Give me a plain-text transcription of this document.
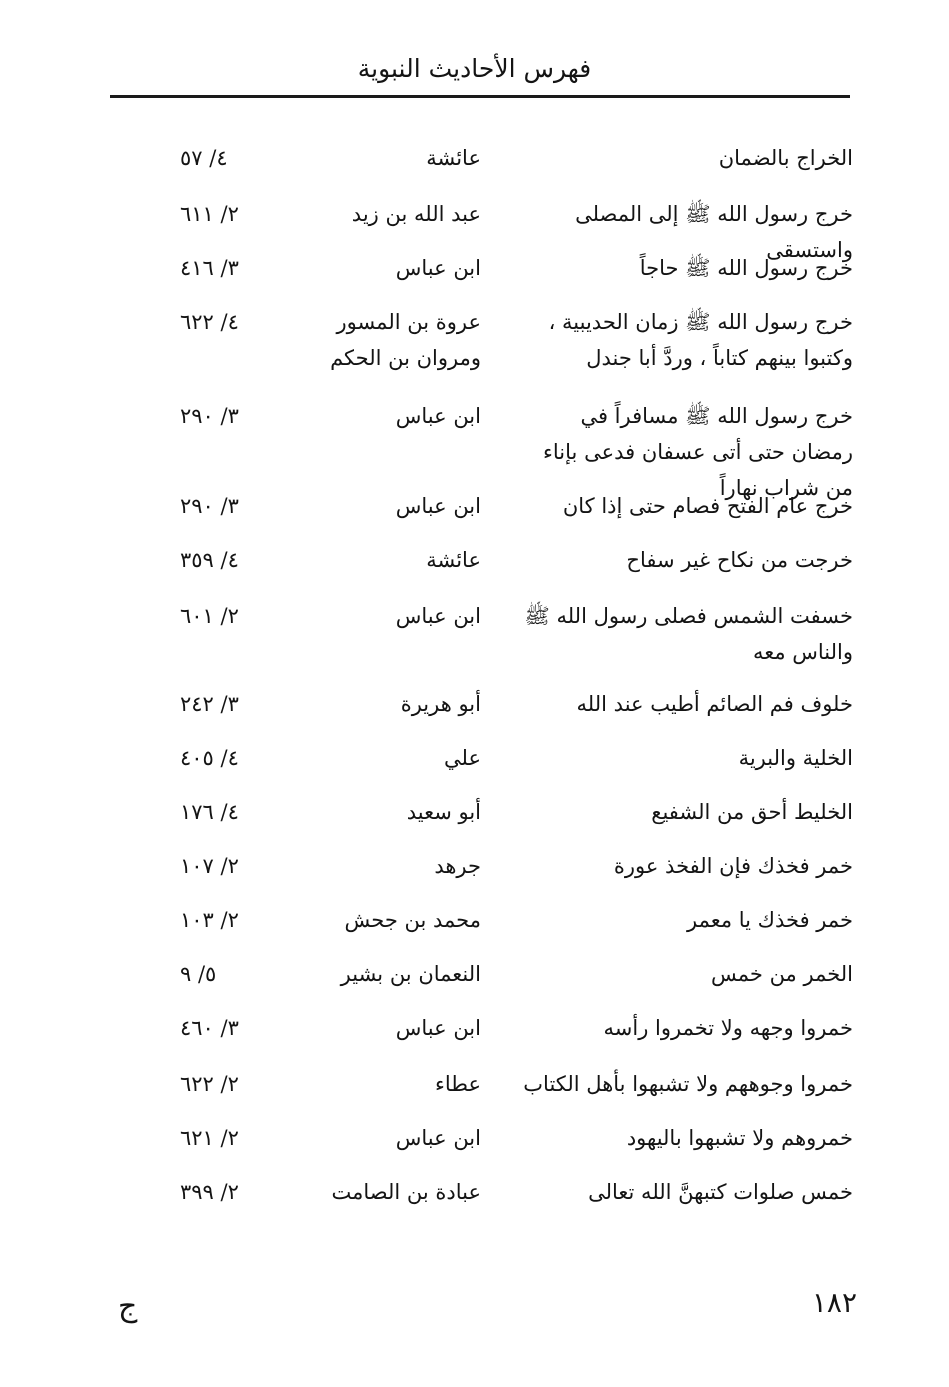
فهرس الأحاديث النبوية
الخراج بالضمان
عائشة
٤/ ٥٧
خرج رسول الله ﷺ إلى المصلى واستسقى
عبد الله بن زيد
٢/ ٦١١
خرج رسول الله ﷺ حاجاً
ابن عباس
٣/ ٤١٦
خرج رسول الله ﷺ زمان الحديبية ، وكتبوا بينهم كتاباً ، وردَّ أبا جندل
عروة بن المسور ومروان بن الحكم
٤/ ٦٢٢
خرج رسول الله ﷺ مسافراً في رمضان حتى أتى عسفان فدعى بإناء من شراب نهاراً
ابن عباس
٣/ ٢٩٠
خرج عام الفتح فصام حتى إذا كان
ابن عباس
٣/ ٢٩٠
خرجت من نكاح غير سفاح
عائشة
٤/ ٣٥٩
خسفت الشمس فصلى رسول الله ﷺ والناس معه
ابن عباس
٢/ ٦٠١
خلوف فم الصائم أطيب عند الله
أبو هريرة
٣/ ٢٤٢
الخلية والبرية
علي
٤/ ٤٠٥
الخليط أحق من الشفيع
أبو سعيد
٤/ ١٧٦
خمر فخذك فإن الفخذ عورة
جرهد
٢/ ١٠٧
خمر فخذك يا معمر
محمد بن جحش
٢/ ١٠٣
الخمر من خمس
النعمان بن بشير
٥/ ٩
خمروا وجهه ولا تخمروا رأسه
ابن عباس
٣/ ٤٦٠
خمروا وجوههم ولا تشبهوا بأهل الكتاب
عطاء
٢/ ٦٢٢
خمروهم ولا تشبهوا باليهود
ابن عباس
٢/ ٦٢١
خمس صلوات كتبهنَّ الله تعالى
عبادة بن الصامت
٢/ ٣٩٩
١٨٢
ج
